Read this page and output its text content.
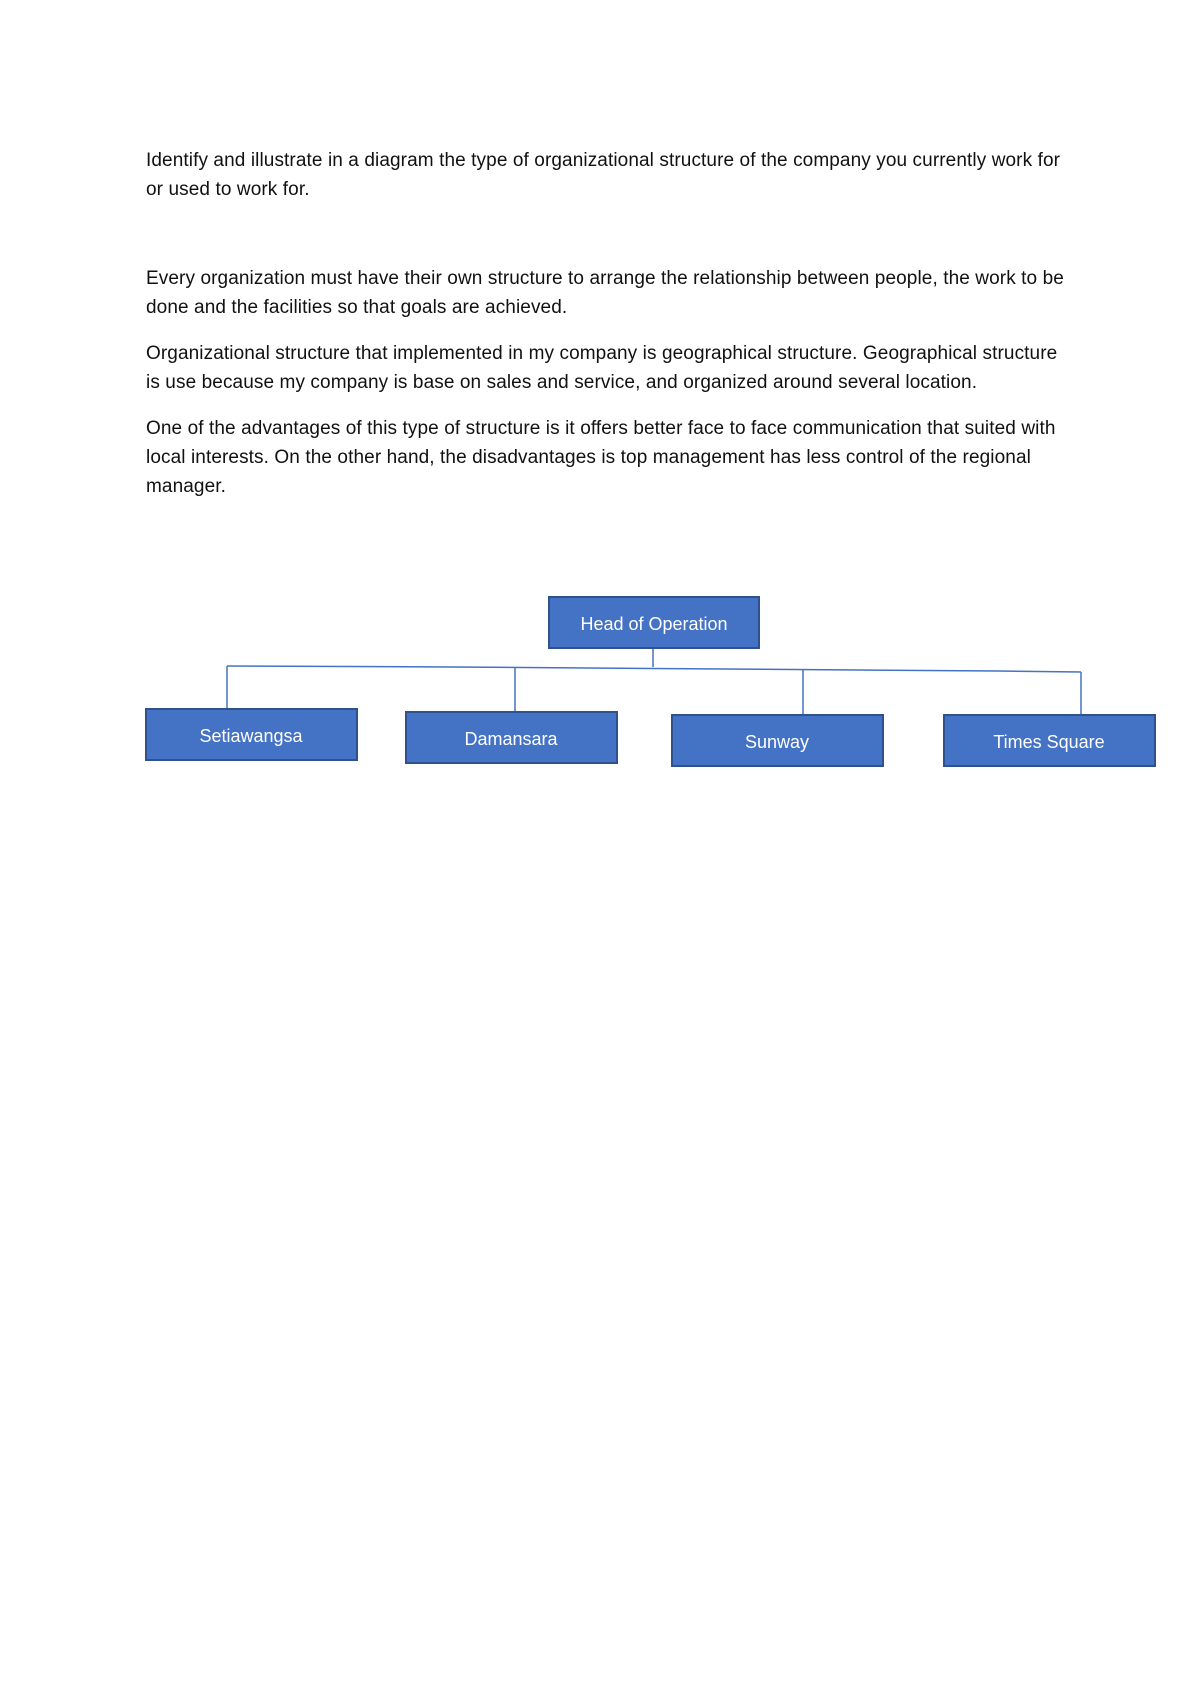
Identify and illustrate in a diagram the type of organizational structure of the company you currently work for or used to work for.

Every organization must have their own structure to arrange the relationship between people, the work to be done and the facilities so that goals are achieved.

Organizational structure that implemented in my company is geographical structure. Geographical structure is use because my company is base on sales and service, and organized around several location.

One of the advantages of this type of structure is it offers better face to face communication that suited with local interests. On the other hand, the disadvantages is top management has less control of the regional manager.

Head of Operation
Setiawangsa	Damansara	Sunway	Times Square
